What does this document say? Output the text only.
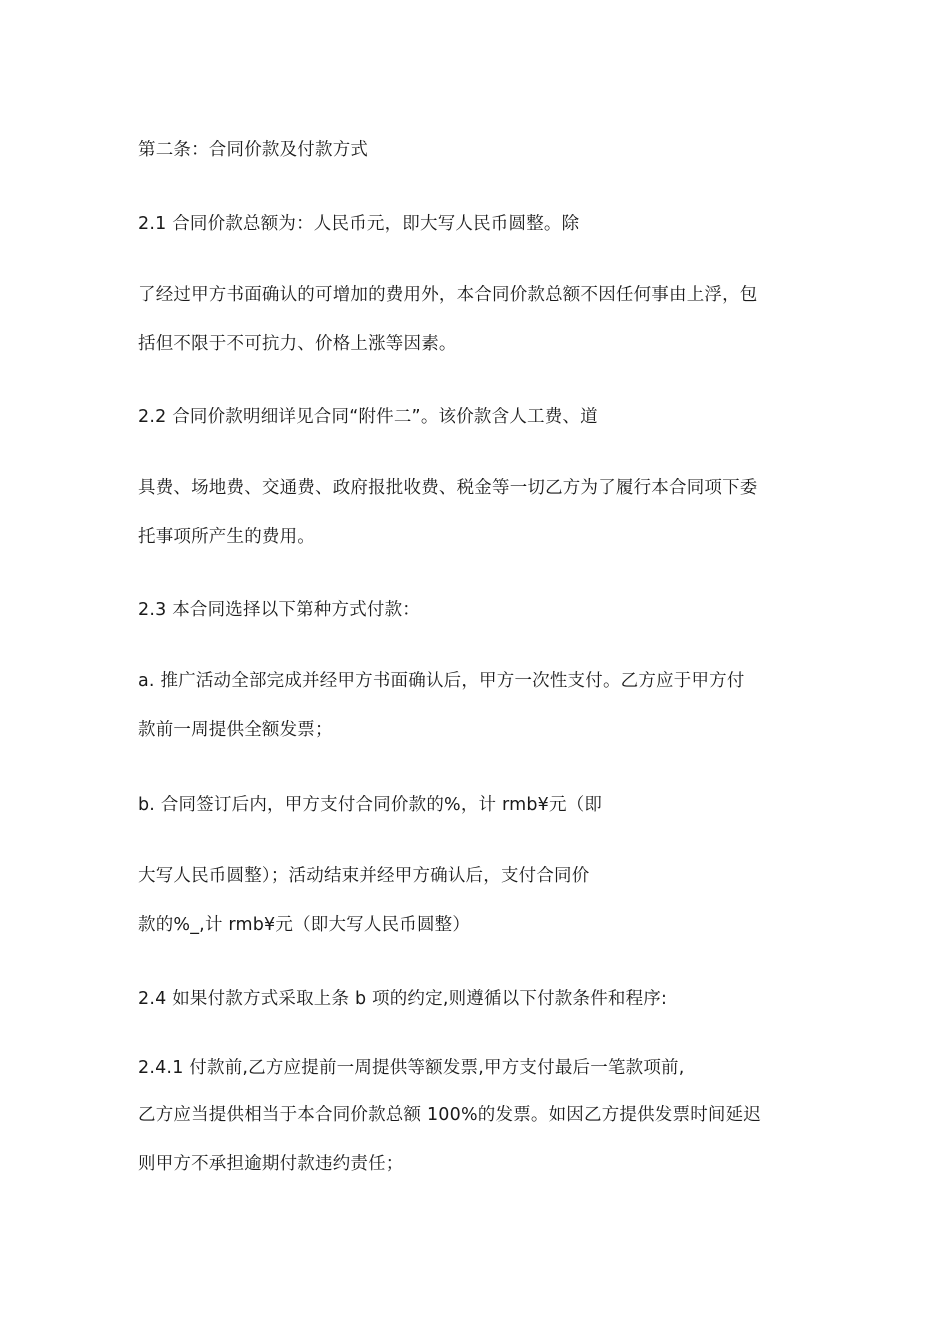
第二条：合同价款及付款方式
2.1 合同价款总额为：人民币元，即大写人民币圆整。除
了经过甲方书面确认的可增加的费用外，本合同价款总额不因任何事由上浮，包
括但不限于不可抗力、价格上涨等因素。
2.2 合同价款明细详见合同“附件二”。该价款含人工费、道
具费、场地费、交通费、政府报批收费、税金等一切乙方为了履行本合同项下委
托事项所产生的费用。
2.3 本合同选择以下第种方式付款：
a. 推广活动全部完成并经甲方书面确认后，甲方一次性支付。乙方应于甲方付
款前一周提供全额发票；
b. 合同签订后内，甲方支付合同价款的%，计 rmb¥元（即
大写人民币圆整）；活动结束并经甲方确认后，支付合同价
款的%_,计 rmb¥元（即大写人民币圆整）
2.4 如果付款方式采取上条 b 项的约定,则遵循以下付款条件和程序:
2.4.1 付款前,乙方应提前一周提供等额发票,甲方支付最后一笔款项前,
乙方应当提供相当于本合同价款总额 100%的发票。如因乙方提供发票时间延迟
则甲方不承担逾期付款违约责任；
